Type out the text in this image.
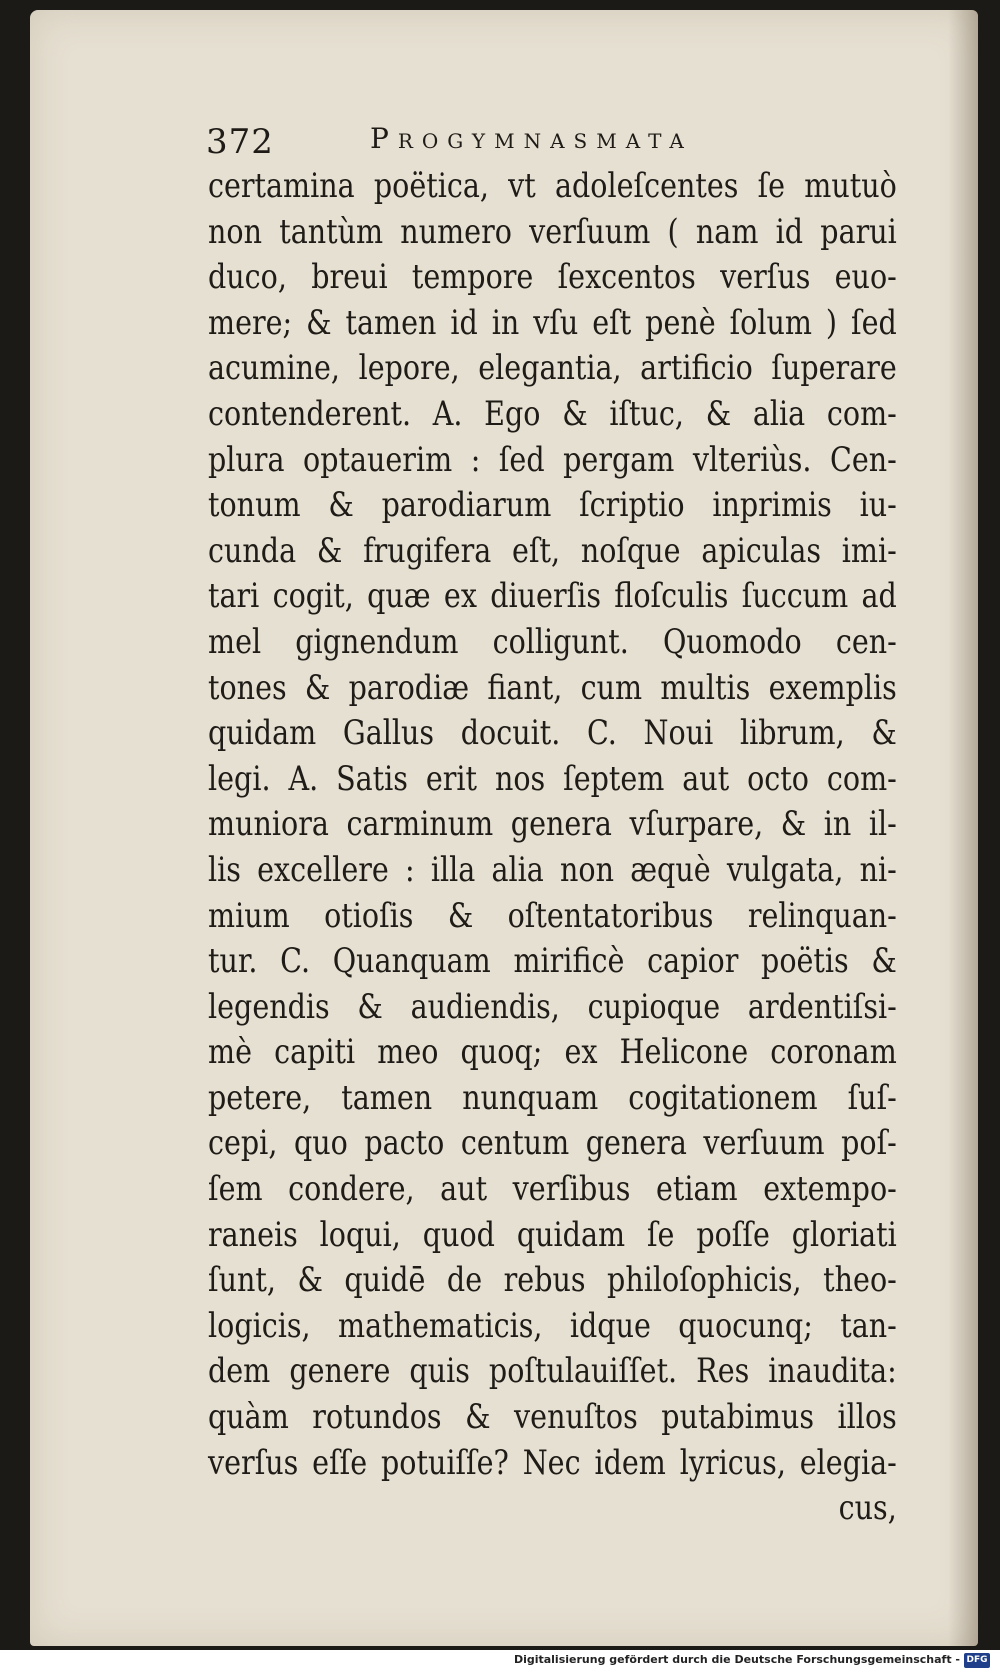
372	Progymnasmata
certamina poëtica, vt adoleſcentes ſe mutuò
non tantùm numero verſuum ( nam id parui
duco, breui tempore ſexcentos verſus euo-
mere; & tamen id in vſu eſt penè ſolum ) ſed
acumine, lepore, elegantia, artificio ſuperare
contenderent. A. Ego & iſtuc, & alia com-
plura optauerim : ſed pergam vlteriùs. Cen-
tonum & parodiarum ſcriptio inprimis iu-
cunda & frugifera eſt, noſque apiculas imi-
tari cogit, quæ ex diuerſis floſculis ſuccum ad
mel gignendum colligunt. Quomodo cen-
tones & parodiæ fiant, cum multis exemplis
quidam Gallus docuit. C. Noui librum, &
legi. A. Satis erit nos ſeptem aut octo com-
muniora carminum genera vſurpare, & in il-
lis excellere : illa alia non æquè vulgata, ni-
mium otioſis & oſtentatoribus relinquan-
tur. C. Quanquam mirificè capior poëtis &
legendis & audiendis, cupioque ardentiſsi-
mè capiti meo quoq; ex Helicone coronam
petere, tamen nunquam cogitationem ſuſ-
cepi, quo pacto centum genera verſuum poſ-
ſem condere, aut verſibus etiam extempo-
raneis loqui, quod quidam ſe poſſe gloriati
ſunt, & quidē de rebus philoſophicis, theo-
logicis, mathematicis, idque quocunq; tan-
dem genere quis poſtulauiſſet. Res inaudita:
quàm rotundos & venuſtos putabimus illos
verſus eſſe potuiſſe? Nec idem lyricus, elegia-
cus,
Digitalisierung gefördert durch die Deutsche Forschungsgemeinschaft - DFG
